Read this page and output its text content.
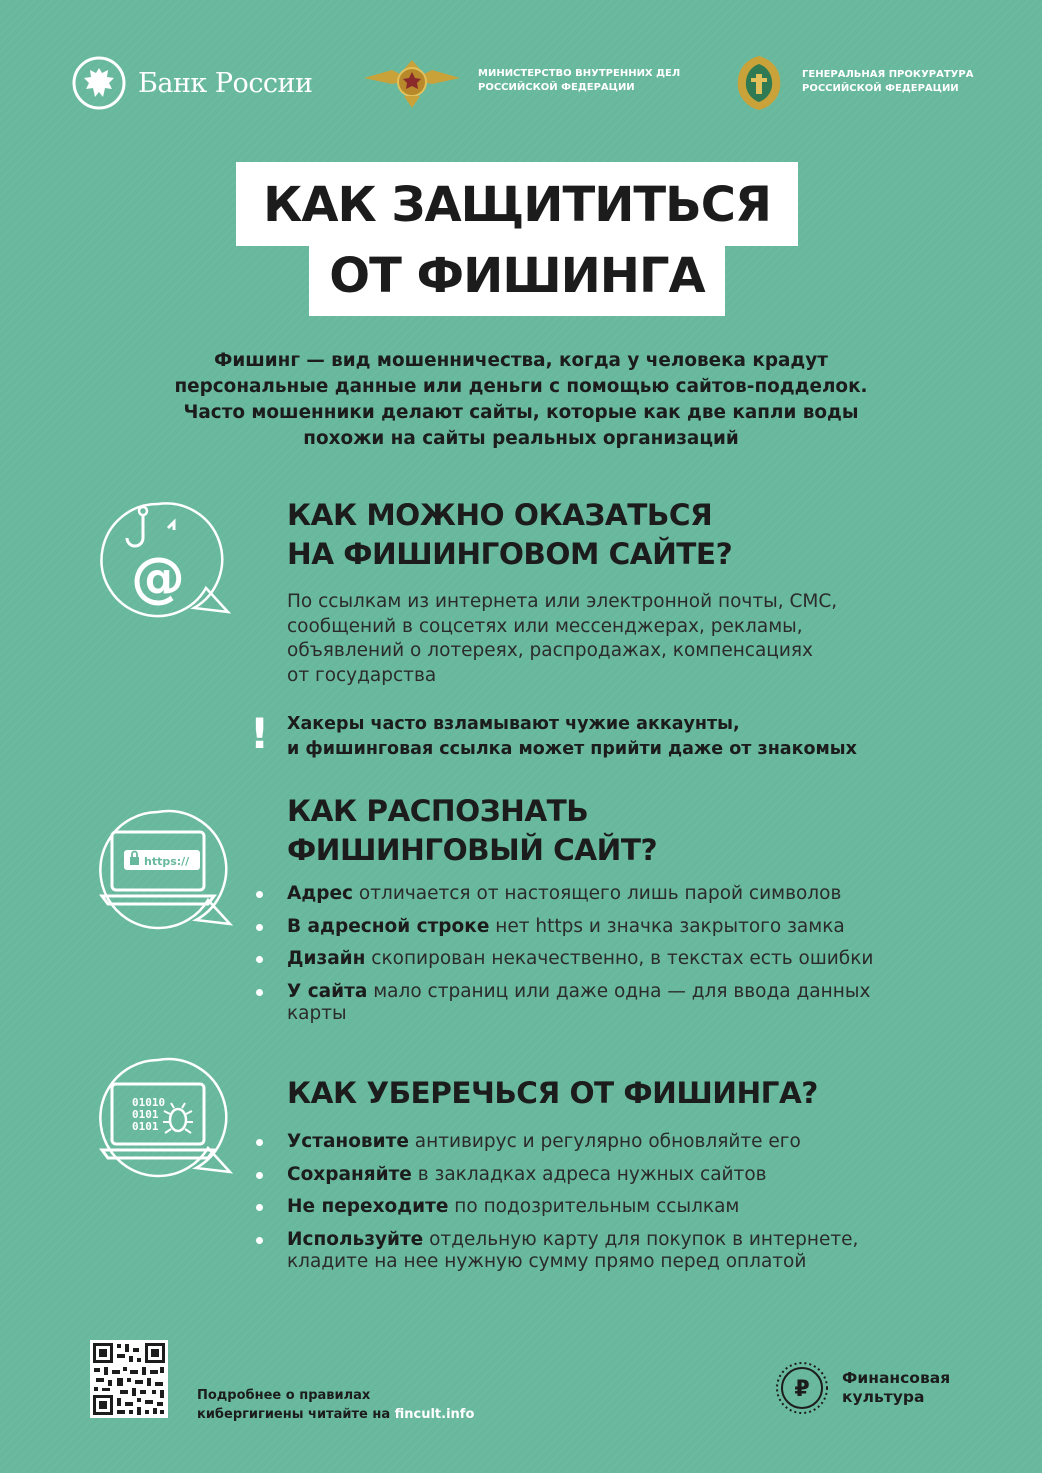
Банк России	МИНИСТЕРСТВО ВНУТРЕННИХ ДЕЛ
РОССИЙСКОЙ ФЕДЕРАЦИИ
ГЕНЕРАЛЬНАЯ ПРОКУРАТУРА
РОССИЙСКОЙ ФЕДЕРАЦИИ
КАК ЗАЩИТИТЬСЯ
ОТ ФИШИНГА
Фишинг — вид мошенничества, когда у человека крадут
персональные данные или деньги с помощью сайтов-подделок.
Часто мошенники делают сайты, которые как две капли воды
похожи на сайты реальных организаций
@
КАК МОЖНО ОКАЗАТЬСЯ
НА ФИШИНГОВОМ САЙТЕ?
По ссылкам из интернета или электронной почты, СМС,
сообщений в соцсетях или мессенджерах, рекламы,
объявлений о лотереях, распродажах, компенсациях
от государства
! Хакеры часто взламывают чужие аккаунты,
и фишинговая ссылка может прийти даже от знакомых
https://
КАК РАСПОЗНАТЬ
ФИШИНГОВЫЙ САЙТ?
Адрес отличается от настоящего лишь парой символов
В адресной строке нет https и значка закрытого замка
Дизайн скопирован некачественно, в текстах есть ошибки
У сайта мало страниц или даже одна — для ввода данных
карты
01010 0101 0101
КАК УБЕРЕЧЬСЯ ОТ ФИШИНГА?
Установите антивирус и регулярно обновляйте его
Сохраняйте в закладках адреса нужных сайтов
Не переходите по подозрительным ссылкам
Используйте отдельную карту для покупок в интернете,
кладите на нее нужную сумму прямо перед оплатой
Подробнее о правилах
кибергигиены читайте на fincult.info
₽ Финансовая
культура
